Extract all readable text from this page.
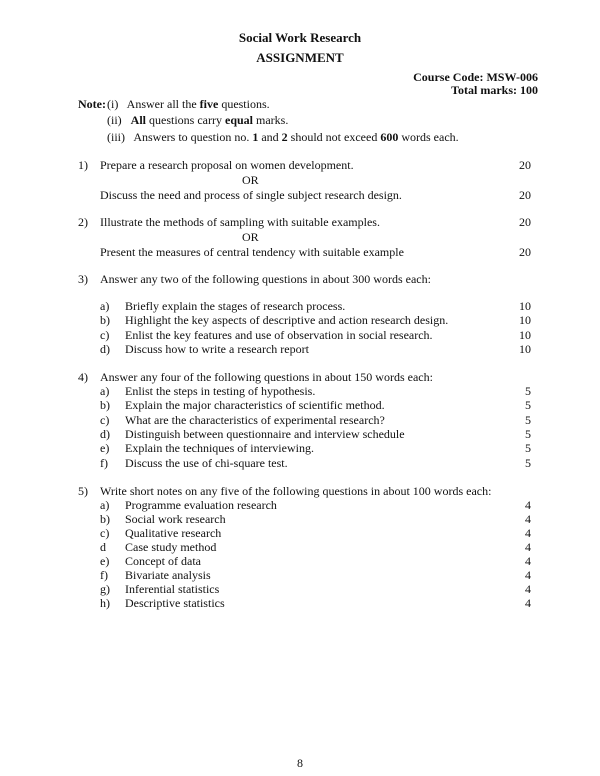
Social Work Research
ASSIGNMENT
Course Code: MSW-006
Total marks: 100
Note: (i) Answer all the five questions.
(ii) All questions carry equal marks.
(iii) Answers to question no. 1 and 2 should not exceed 600 words each.
1) Prepare a research proposal on women development.	20
OR
Discuss the need and process of single subject research design.	20
2) Illustrate the methods of sampling with suitable examples.	20
OR
Present the measures of central tendency with suitable example	20
3) Answer any two of the following questions in about 300 words each:
a) Briefly explain the stages of research process.	10
b) Highlight the key aspects of descriptive and action research design.	10
c) Enlist the key features and use of observation in social research.	10
d) Discuss how to write a research report	10
4) Answer any four of the following questions in about 150 words each:
a) Enlist the steps in testing of hypothesis.	5
b) Explain the major characteristics of scientific method.	5
c) What are the characteristics of experimental research?	5
d) Distinguish between questionnaire and interview schedule	5
e) Explain the techniques of interviewing.	5
f) Discuss the use of chi-square test.	5
5) Write short notes on any five of the following questions in about 100 words each:
a) Programme evaluation research	4
b) Social work research	4
c) Qualitative research	4
d Case study method	4
e) Concept of data	4
f) Bivariate analysis	4
g) Inferential statistics	4
h) Descriptive statistics	4
8
